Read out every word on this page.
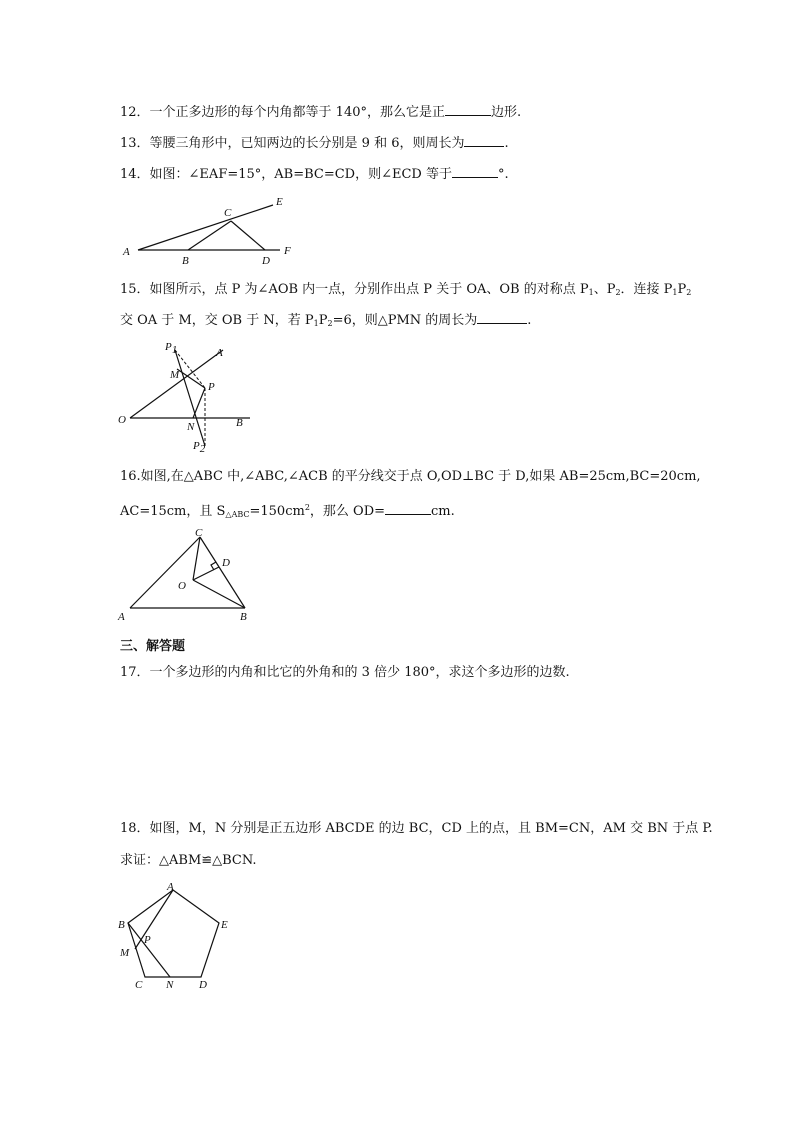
12．一个正多边形的每个内角都等于 140°，那么它是正	边形.
13．等腰三角形中，已知两边的长分别是 9 和 6，则周长为	.
14．如图：∠EAF=15°，AB=BC=CD，则∠ECD 等于	°.
A
B
C
D
E
F
15．如图所示，点 P 为∠AOB 内一点，分别作出点 P 关于 OA、OB 的对称点 $P_1$、$P_2$．连接 $P_1P_2$
交 OA 于 M，交 OB 于 N，若 $P_1P_2=6$，则△PMN 的周长为	.
P1	A
M
P
O
N	B
P2
16.如图,在△ABC 中,∠ABC,∠ACB 的平分线交于点 O,OD⊥BC 于 D,如果 AB=25cm,BC=20cm,
AC=15cm，且 $S_{\triangle ABC}=150cm^2$，那么 OD=	cm.
C
D
O
A	B
三、解答题
17．一个多边形的内角和比它的外角和的 3 倍少 180°，求这个多边形的边数.
18．如图，M，N 分别是正五边形 ABCDE 的边 BC，CD 上的点，且 BM=CN，AM 交 BN 于点 P.
求证：△ABM≌△BCN.
A
B	E
P
M
C N D
